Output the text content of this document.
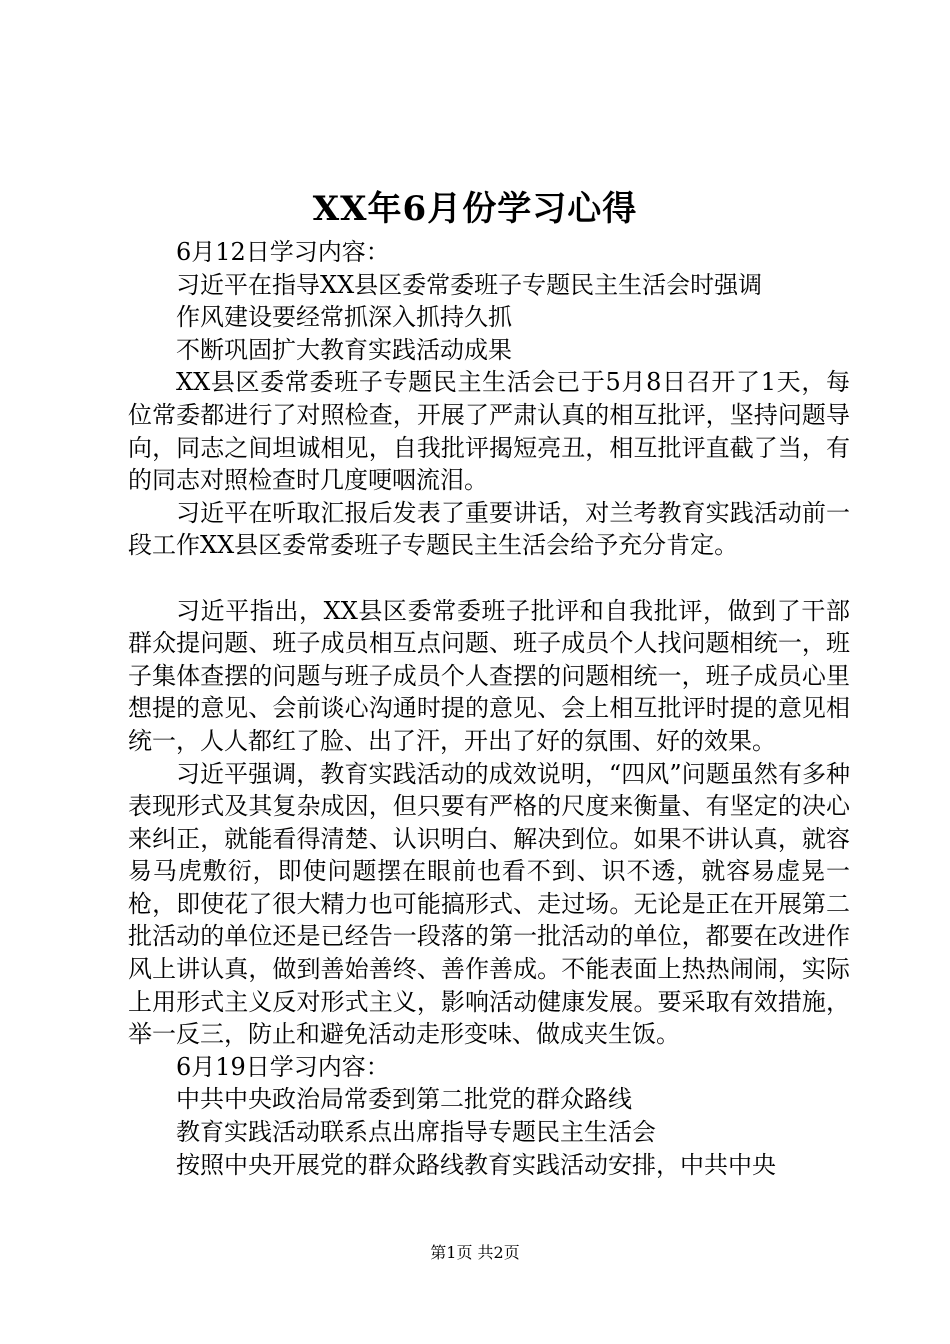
XX年6月份学习心得

6月12日学习内容：

习近平在指导XX县区委常委班子专题民主生活会时强调

作风建设要经常抓深入抓持久抓

不断巩固扩大教育实践活动成果

XX县区委常委班子专题民主生活会已于5月8日召开了1天，每位常委都进行了对照检查，开展了严肃认真的相互批评，坚持问题导向，同志之间坦诚相见，自我批评揭短亮丑，相互批评直截了当，有的同志对照检查时几度哽咽流泪。

习近平在听取汇报后发表了重要讲话，对兰考教育实践活动前一段工作XX县区委常委班子专题民主生活会给予充分肯定。

习近平指出，XX县区委常委班子批评和自我批评，做到了干部群众提问题、班子成员相互点问题、班子成员个人找问题相统一，班子集体查摆的问题与班子成员个人查摆的问题相统一，班子成员心里想提的意见、会前谈心沟通时提的意见、会上相互批评时提的意见相统一，人人都红了脸、出了汗，开出了好的氛围、好的效果。

习近平强调，教育实践活动的成效说明，“四风”问题虽然有多种表现形式及其复杂成因，但只要有严格的尺度来衡量、有坚定的决心来纠正，就能看得清楚、认识明白、解决到位。如果不讲认真，就容易马虎敷衍，即使问题摆在眼前也看不到、识不透，就容易虚晃一枪，即使花了很大精力也可能搞形式、走过场。无论是正在开展第二批活动的单位还是已经告一段落的第一批活动的单位，都要在改进作风上讲认真，做到善始善终、善作善成。不能表面上热热闹闹，实际上用形式主义反对形式主义，影响活动健康发展。要采取有效措施，举一反三，防止和避免活动走形变味、做成夹生饭。

6月19日学习内容：

中共中央政治局常委到第二批党的群众路线

教育实践活动联系点出席指导专题民主生活会

按照中央开展党的群众路线教育实践活动安排，中共中央

第1页 共2页
